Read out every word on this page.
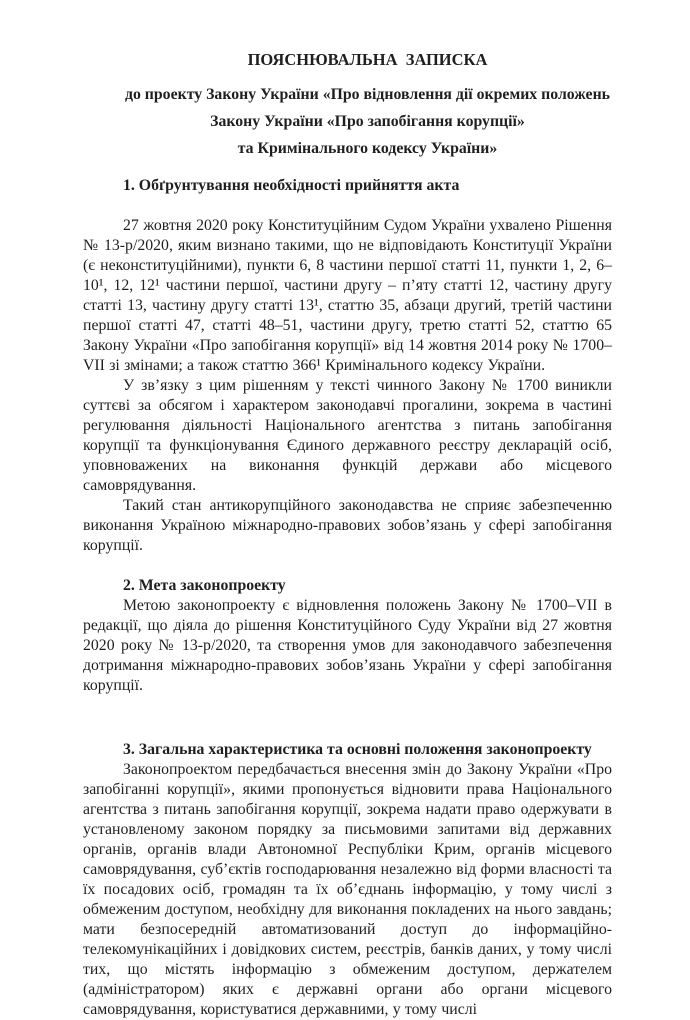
ПОЯСНЮВАЛЬНА  ЗАПИСКА
до проекту Закону України «Про відновлення дії окремих положень
Закону України «Про запобігання корупції»
та Кримінального кодексу України»
1. Обґрунтування необхідності прийняття акта

27 жовтня 2020 року Конституційним Судом України ухвалено Рішення № 13-р/2020, яким визнано такими, що не відповідають Конституції України (є неконституційними), пункти 6, 8 частини першої статті 11, пункти 1, 2, 6–10¹, 12, 12¹ частини першої, частини другу – п’яту статті 12, частину другу статті 13, частину другу статті 13¹, статтю 35, абзаци другий, третій частини першої статті 47, статті 48–51, частини другу, третю статті 52, статтю 65 Закону України «Про запобігання корупції» від 14 жовтня 2014 року № 1700–VII зі змінами; а також статтю 366¹ Кримінального кодексу України.

У зв’язку з цим рішенням у тексті чинного Закону № 1700 виникли суттєві за обсягом і характером законодавчі прогалини, зокрема в частині регулювання діяльності Національного агентства з питань запобігання корупції та функціонування Єдиного державного реєстру декларацій осіб, уповноважених на виконання функцій держави або місцевого самоврядування.

Такий стан антикорупційного законодавства не сприяє забезпеченню виконання Україною міжнародно-правових зобов’язань у сфері запобігання корупції.

2. Мета законопроекту

Метою законопроекту є відновлення положень Закону № 1700–VII в редакції, що діяла до рішення Конституційного Суду України від 27 жовтня 2020 року № 13-р/2020, та створення умов для законодавчого забезпечення дотримання міжнародно-правових зобов’язань України у сфері запобігання корупції.

3. Загальна характеристика та основні положення законопроекту

Законопроектом передбачається внесення змін до Закону України «Про запобіганні корупції», якими пропонується відновити права Національного агентства з питань запобігання корупції, зокрема надати право одержувати в установленому законом порядку за письмовими запитами від державних органів, органів влади Автономної Республіки Крим, органів місцевого самоврядування, суб’єктів господарювання незалежно від форми власності та їх посадових осіб, громадян та їх об’єднань інформацію, у тому числі з обмеженим доступом, необхідну для виконання покладених на нього завдань; мати безпосередній автоматизований доступ до інформаційно-телекомунікаційних і довідкових систем, реєстрів, банків даних, у тому числі тих, що містять інформацію з обмеженим доступом, держателем (адміністратором) яких є державні органи або органи місцевого самоврядування, користуватися державними, у тому числі
